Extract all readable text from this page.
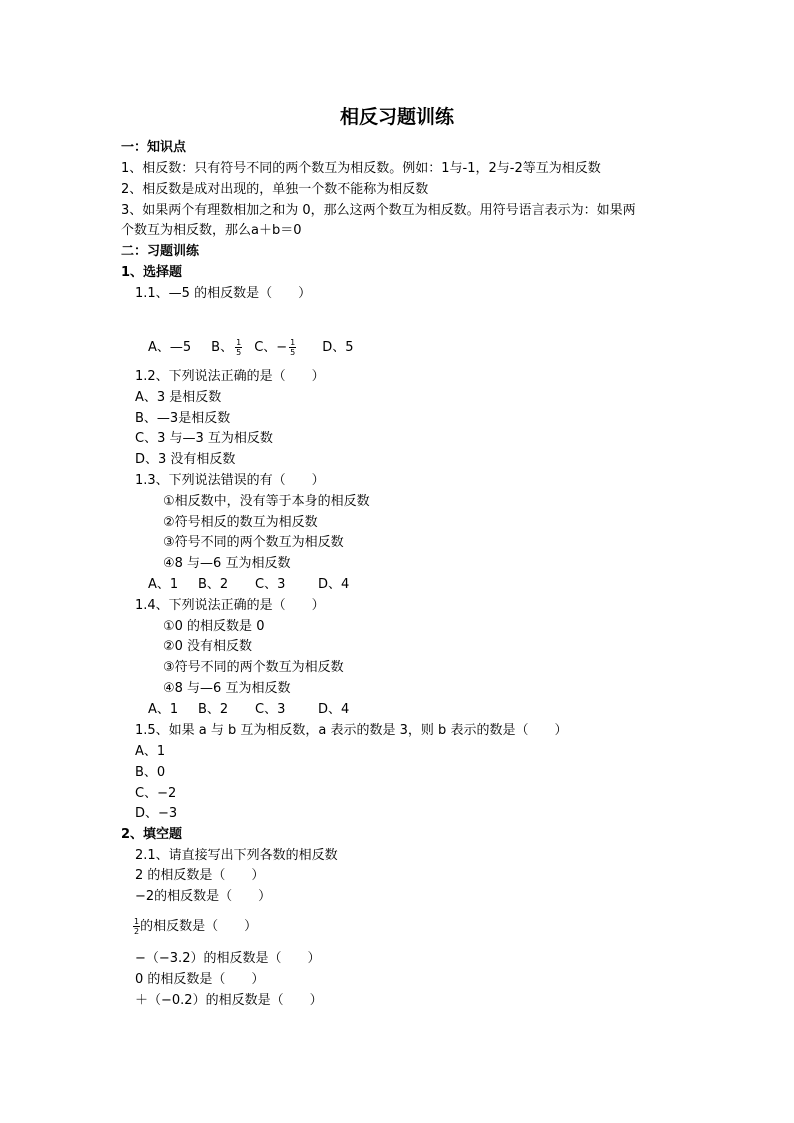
相反习题训练
一：知识点
1、相反数：只有符号不同的两个数互为相反数。例如：1与-1，2与-2等互为相反数
2、相反数是成对出现的，单独一个数不能称为相反数
3、如果两个有理数相加之和为 0，那么这两个数互为相反数。用符号语言表示为：如果两
个数互为相反数，那么a＋b＝0
二：习题训练
1、选择题
1.1、—5 的相反数是（　　）
A、—5 B、 $\frac{1}{5}$ C、− $\frac{1}{5}$ D、5
1.2、下列说法正确的是（　　）
A、3 是相反数
B、—3是相反数
C、3 与—3 互为相反数
D、3 没有相反数
1.3、下列说法错误的有（　　）
①相反数中，没有等于本身的相反数
②符号相反的数互为相反数
③符号不同的两个数互为相反数
④8 与—6 互为相反数
A、1 B、2 C、3	D、4
1.4、下列说法正确的是（　　）
①0 的相反数是 0
②0 没有相反数
③符号不同的两个数互为相反数
④8 与—6 互为相反数
A、1 B、2 C、3	D、4
1.5、如果 a 与 b 互为相反数，a 表示的数是 3，则 b 表示的数是（　　）
A、1
B、0
C、−2
D、−3
2、填空题
2.1、请直接写出下列各数的相反数
2 的相反数是（　　）
−2的相反数是（　　）
$\frac{1}{2}$ 的相反数是（　　）
−（−3.2）的相反数是（　　）
0 的相反数是（　　）
＋（−0.2）的相反数是（　　）
